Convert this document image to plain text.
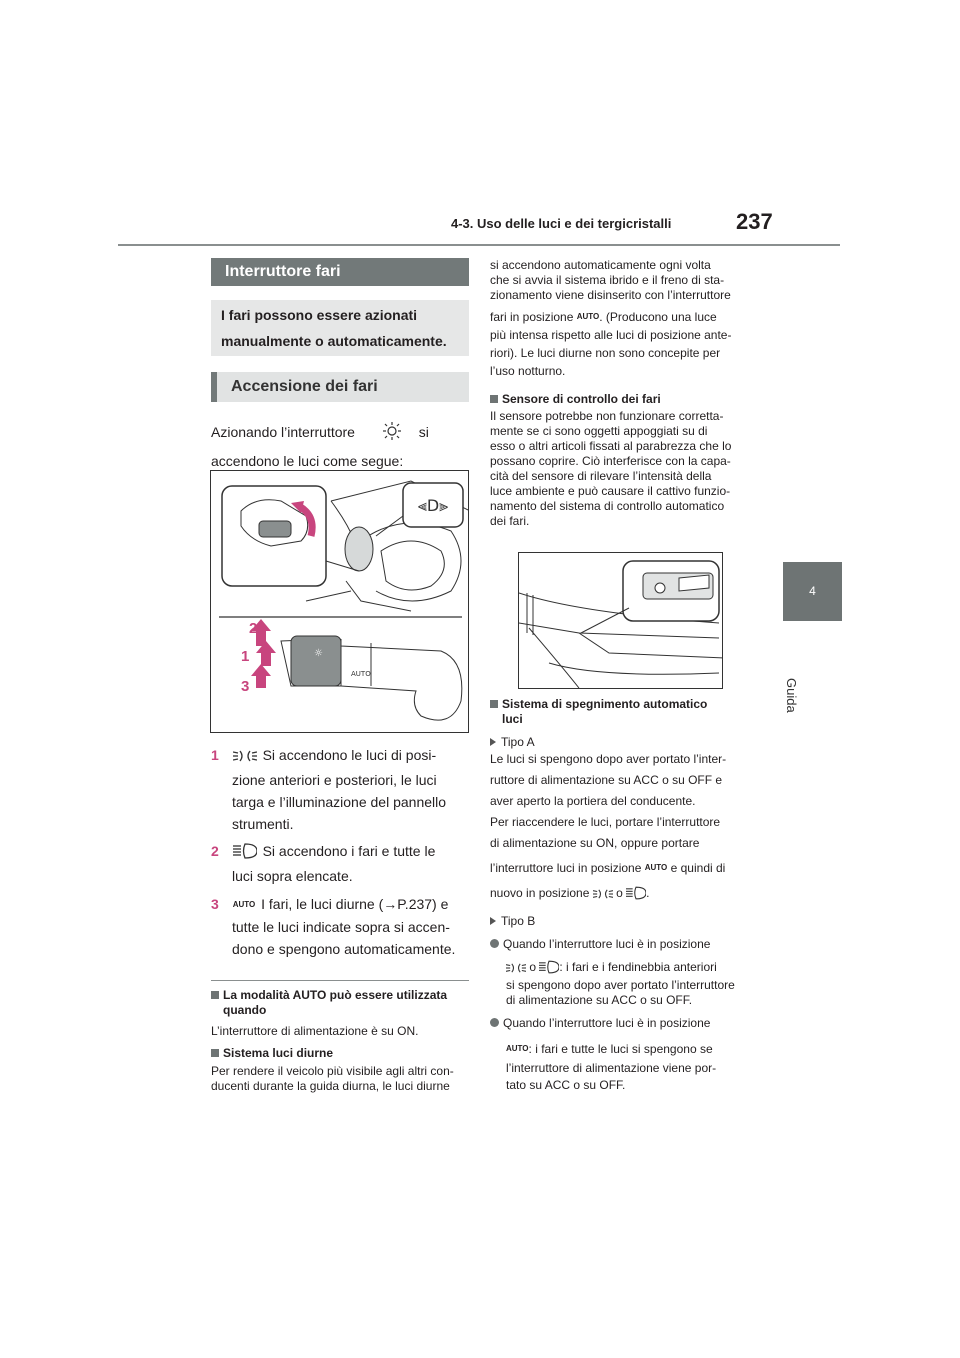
4-3. Uso delle luci e dei tergicristalli	237
4
Guida
Interruttore fari
I fari possono essere azionati
manualmente o automaticamente.
Accensione dei fari
Azionando l’interruttore	si
accendono le luci come segue:
⫷D⫸
☼
AUTO
2
1
3
1	Si accendono le luci di posi-
zione anteriori e posteriori, le luci
targa e l’illuminazione del pannello
strumenti.
2	Si accendono i fari e tutte le
luci sopra elencate.
3 AUTO I fari, le luci diurne (→P.237) e
tutte le luci indicate sopra si accen-
dono e spengono automaticamente.
La modalità AUTO può essere utilizzata
quando
L’interruttore di alimentazione è su ON.
Sistema luci diurne
Per rendere il veicolo più visibile agli altri con-
ducenti durante la guida diurna, le luci diurne
si accendono automaticamente ogni volta
che si avvia il sistema ibrido e il freno di sta-
zionamento viene disinserito con l’interruttore
fari in posizione AUTO. (Producono una luce
più intensa rispetto alle luci di posizione ante-
riori). Le luci diurne non sono concepite per
l’uso notturno.
Sensore di controllo dei fari
Il sensore potrebbe non funzionare corretta-
mente se ci sono oggetti appoggiati su di
esso o altri articoli fissati al parabrezza che lo
possano coprire. Ciò interferisce con la capa-
cità del sensore di rilevare l’intensità della
luce ambiente e può causare il cattivo funzio-
namento del sistema di controllo automatico
dei fari.
Sistema di spegnimento automatico
luci
Tipo A
Le luci si spengono dopo aver portato l’inter-
ruttore di alimentazione su ACC o su OFF e
aver aperto la portiera del conducente.
Per riaccendere le luci, portare l’interruttore
di alimentazione su ON, oppure portare
l’interruttore luci in posizione AUTO e quindi di
nuovo in posizione o .
Tipo B
Quando l’interruttore luci è in posizione
o : i fari e i fendinebbia anteriori
si spengono dopo aver portato l’interruttore
di alimentazione su ACC o su OFF.
Quando l’interruttore luci è in posizione
AUTO: i fari e tutte le luci si spengono se
l’interruttore di alimentazione viene por-
tato su ACC o su OFF.
